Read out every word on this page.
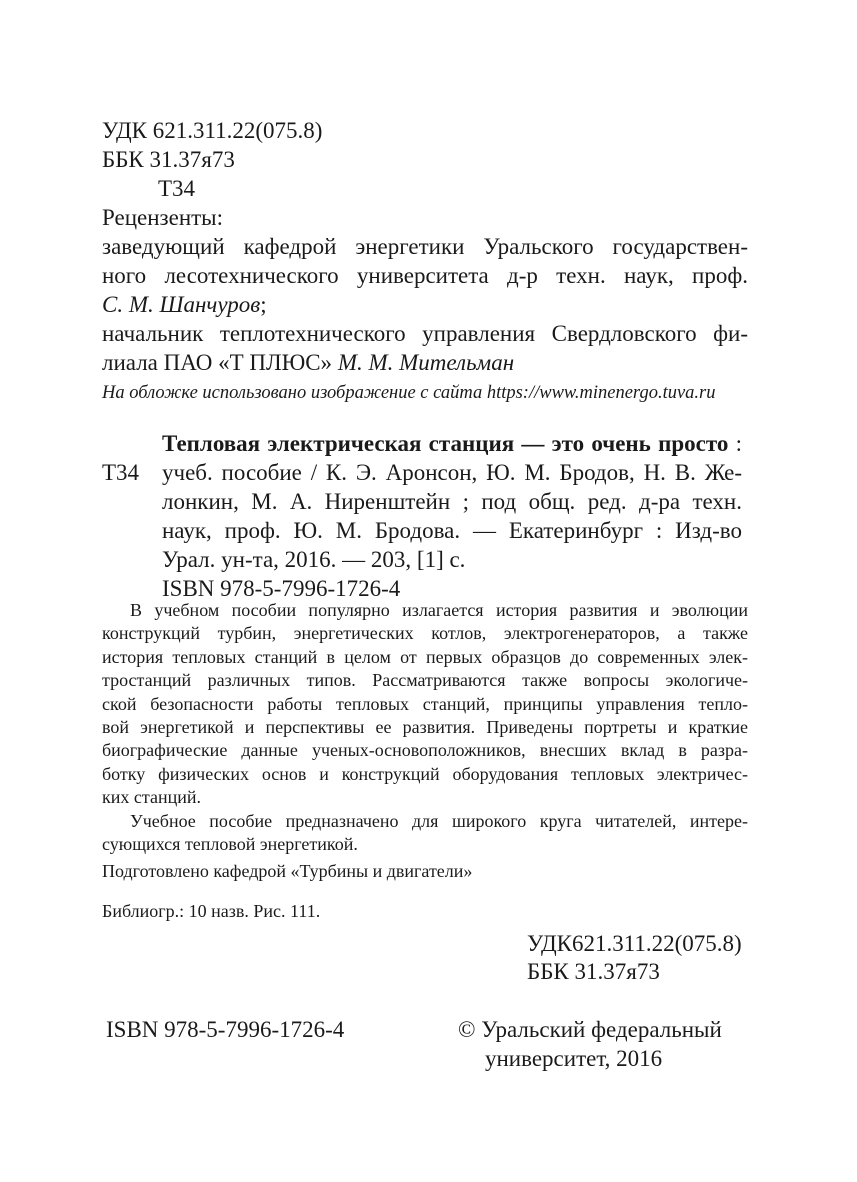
УДК 621.311.22(075.8)
ББК 31.37я73
Т34
Рецензенты:
заведующий кафедрой энергетики Уральского государствен-
ного лесотехнического университета д-р техн. наук, проф.
С. М. Шанчуров;
начальник теплотехнического управления Свердловского фи-
лиала ПАО «Т ПЛЮС» М. М. Мительман
На обложке использовано изображение с сайта https://www.minenergo.tuva.ru
Т34
Тепловая электрическая станция — это очень просто :
учеб. пособие / К. Э. Аронсон, Ю. М. Бродов, Н. В. Же-
лонкин, М. А. Ниренштейн ; под общ. ред. д-ра техн.
наук, проф. Ю. М. Бродова. — Екатеринбург : Изд-во
Урал. ун-та, 2016. — 203, [1] с.
ISBN 978-5-7996-1726-4
В учебном пособии популярно излагается история развития и эволюции
конструкций турбин, энергетических котлов, электрогенераторов, а также
история тепловых станций в целом от первых образцов до современных элек-
тростанций различных типов. Рассматриваются также вопросы экологиче-
ской безопасности работы тепловых станций, принципы управления тепло-
вой энергетикой и перспективы ее развития. Приведены портреты и краткие
биографические данные ученых-основоположников, внесших вклад в разра-
ботку физических основ и конструкций оборудования тепловых электричес-
ких станций.
Учебное пособие предназначено для широкого круга читателей, интере-
сующихся тепловой энергетикой.
Подготовлено кафедрой «Турбины и двигатели»
Библиогр.: 10 назв. Рис. 111.
УДК621.311.22(075.8)
ББК 31.37я73
ISBN 978-5-7996-1726-4	© Уральский федеральный
университет, 2016
